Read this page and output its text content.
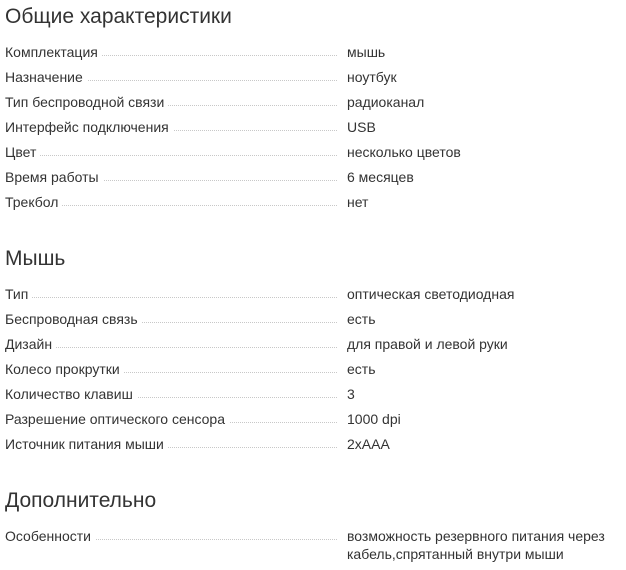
Общие характеристики
Комплектация	мышь
Назначение	ноутбук
Тип беспроводной связи	радиоканал
Интерфейс подключения	USB
Цвет	несколько цветов
Время работы	6 месяцев
Трекбол	нет
Мышь
Тип	оптическая светодиодная
Беспроводная связь	есть
Дизайн	для правой и левой руки
Колесо прокрутки	есть
Количество клавиш	3
Разрешение оптического сенсора	1000 dpi
Источник питания мыши	2xAAA
Дополнительно
Особенности	возможность резервного питания через кабель,спрятанный внутри мыши
